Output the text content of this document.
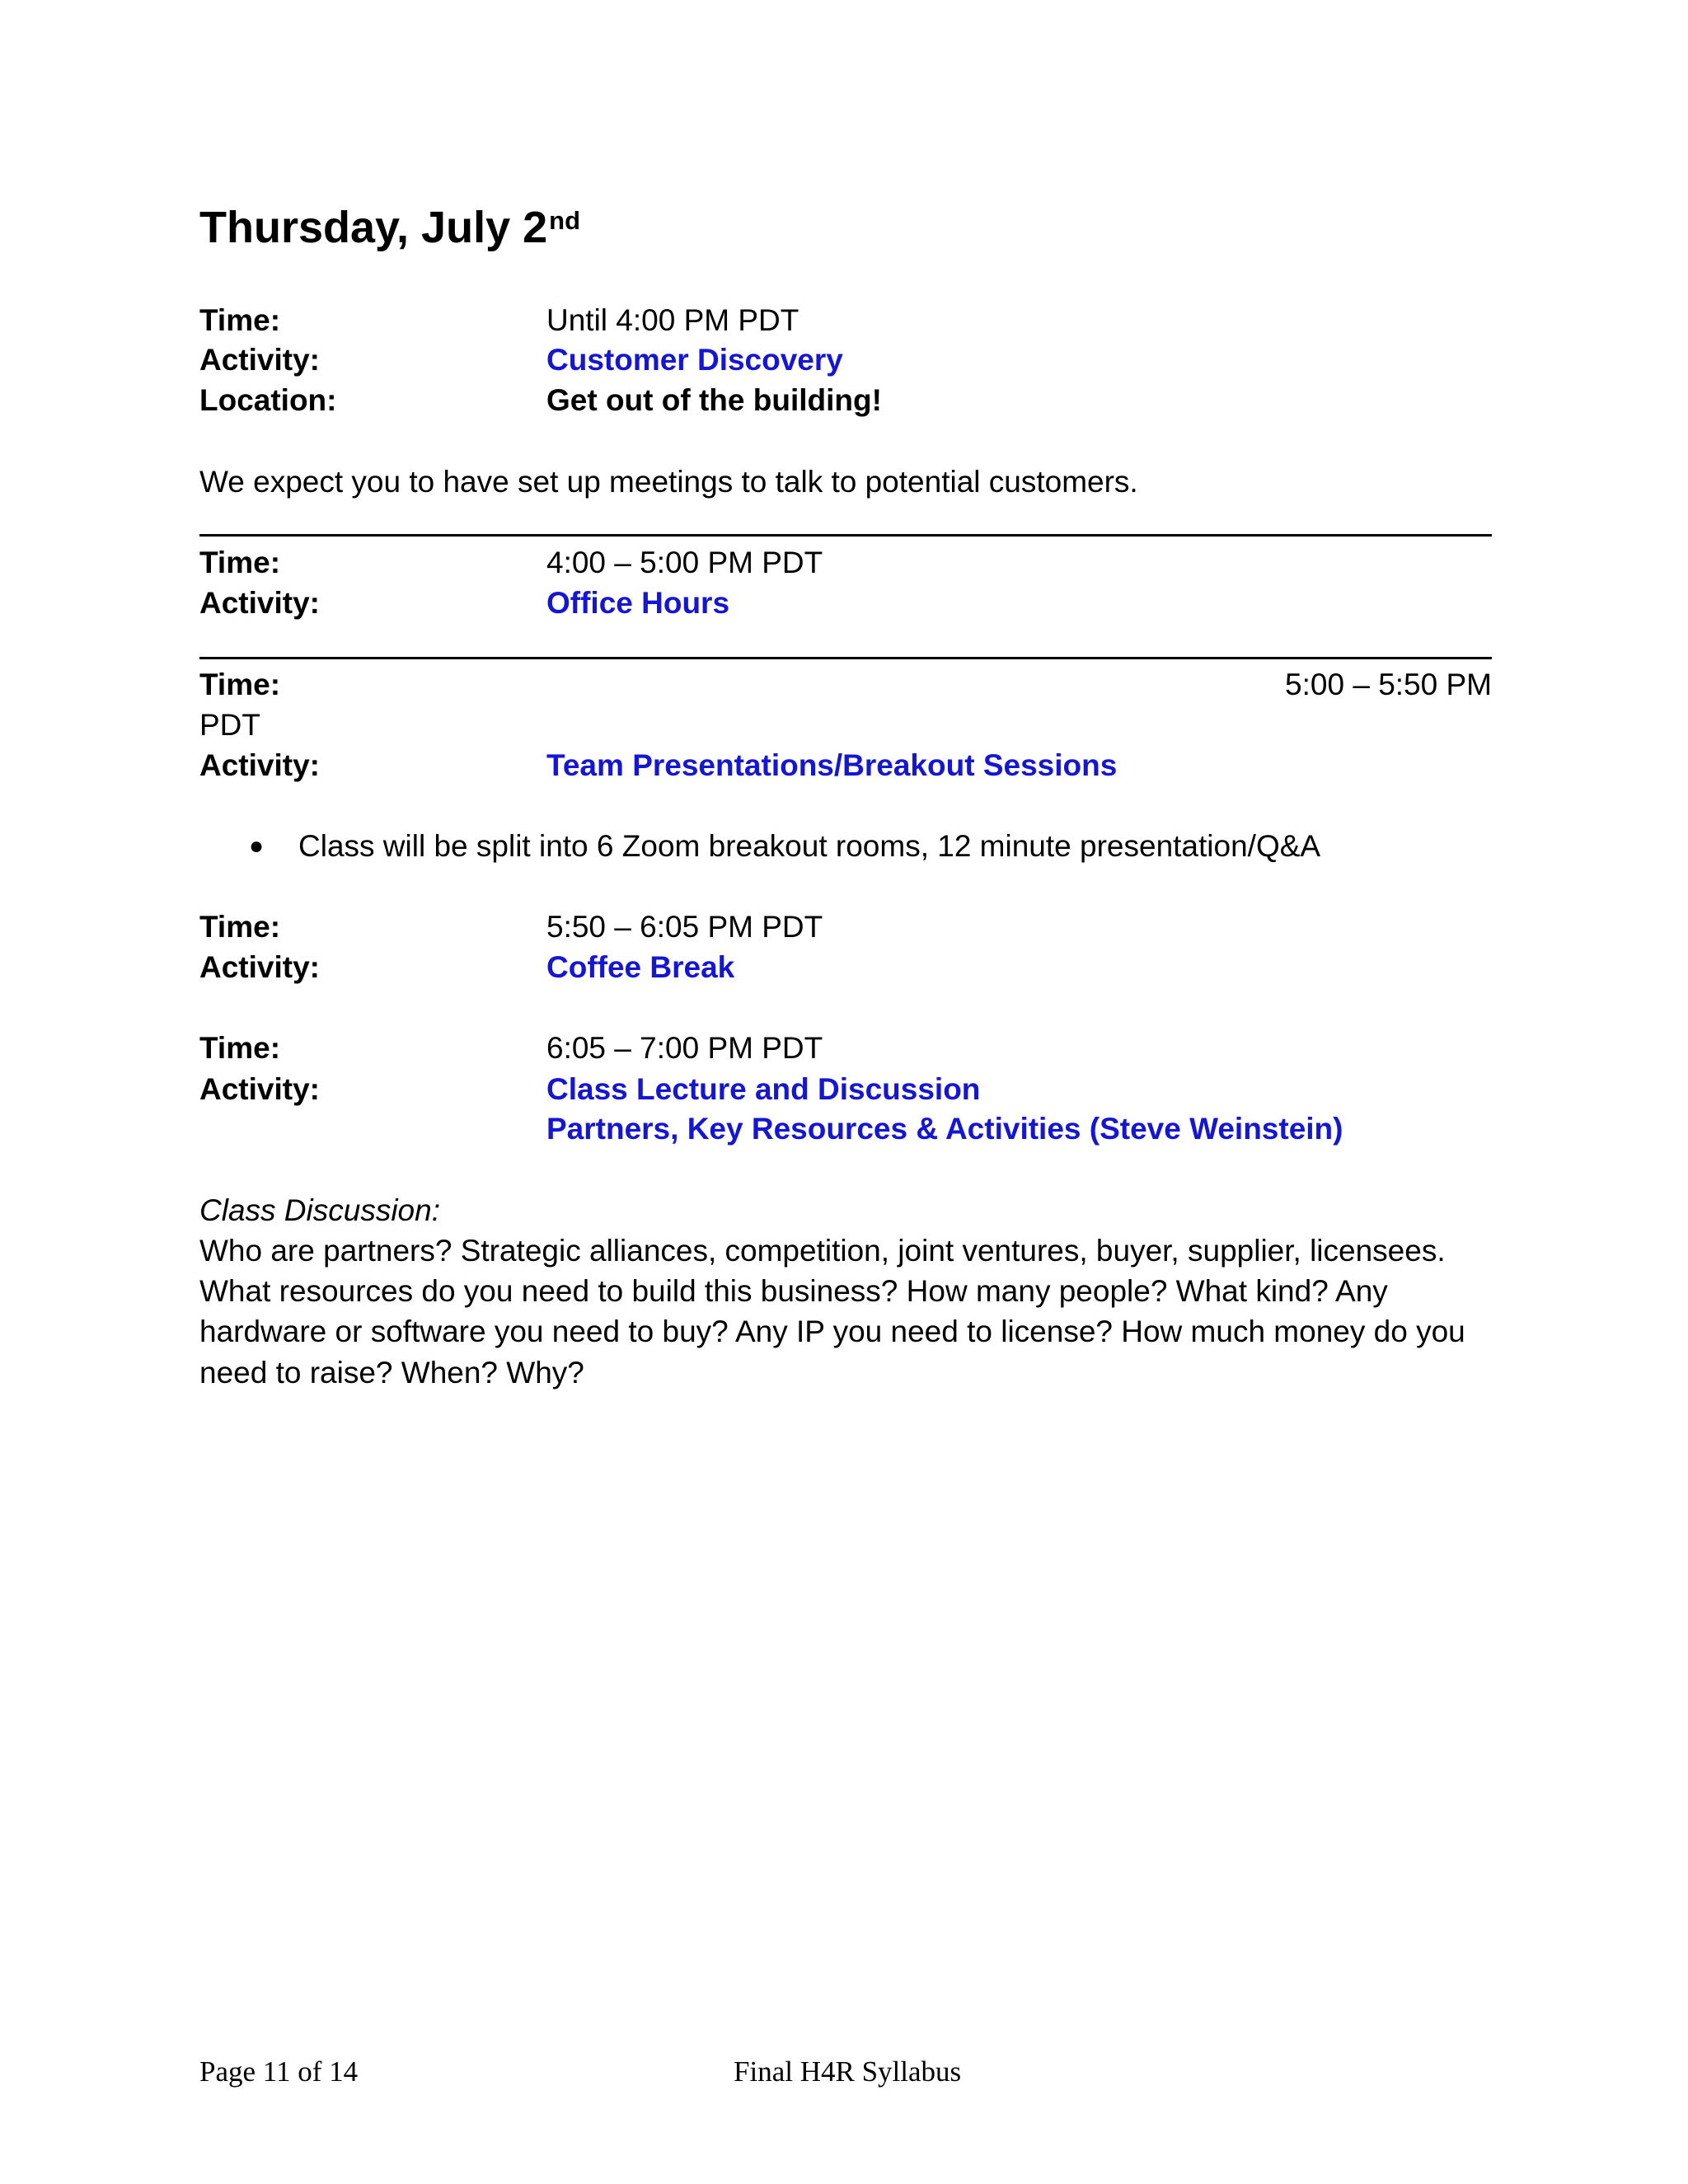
Thursday, July 2nd
Time:	Until 4:00 PM PDT
Activity:	Customer Discovery
Location:	Get out of the building!
We expect you to have set up meetings to talk to potential customers.
Time:	4:00 – 5:00 PM PDT
Activity:	Office Hours
Time:	5:00 – 5:50 PM
PDT
Activity:	Team Presentations/Breakout Sessions
● Class will be split into 6 Zoom breakout rooms, 12 minute presentation/Q&A
Time:	5:50 – 6:05 PM PDT
Activity:	Coffee Break
Time:	6:05 – 7:00 PM PDT
Activity:	Class Lecture and Discussion
Partners, Key Resources & Activities (Steve Weinstein)
Class Discussion:
Who are partners? Strategic alliances, competition, joint ventures, buyer, supplier, licensees.
What resources do you need to build this business? How many people? What kind? Any
hardware or software you need to buy? Any IP you need to license? How much money do you
need to raise? When? Why?
Page 11 of 14	Final H4R Syllabus
